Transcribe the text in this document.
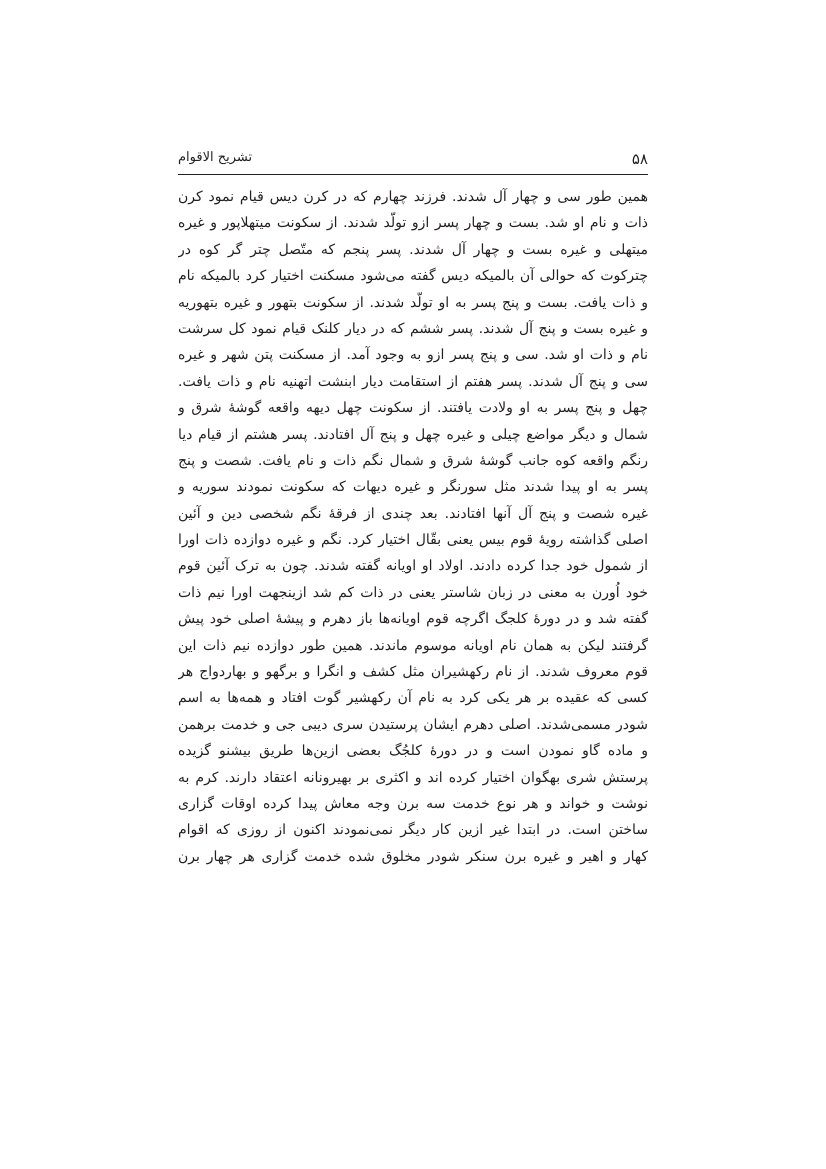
۵۸
تشریح الاقوام
همین طور سی و چهار آل شدند. فرزند چهارم که در کرن دیس قیام نمود کرن
ذات و نام او شد. بست و چهار پسر ازو تولّد شدند. از سکونت میتهلاپور و غیره
میتهلی و غیره بست و چهار آل شدند. پسر پنجم که متّصل چتر گر کوه در
چترکوت که حوالی آن بالمیکه دیس گفته می‌شود مسکنت اختیار کرد بالمیکه نام
و ذات یافت. بست و پنج پسر به او تولّد شدند. از سکونت بتهور و غیره بتهوریه
و غیره بست و پنج آل شدند. پسر ششم که در دیار کلنک قیام نمود کل سرشت
نام و ذات او شد. سی و پنج پسر ازو به وجود آمد. از مسکنت پتن شهر و غیره
سی و پنج آل شدند. پسر هفتم از استقامت دیار ابنشت اتهنیه نام و ذات یافت.
چهل و پنج پسر به او ولادت یافتند. از سکونت چهل دیهه واقعه گوشهٔ شرق و
شمال و دیگر مواضع چیلی و غیره چهل و پنج آل افتادند. پسر هشتم از قیام دیا
رنگم واقعه کوه جانب گوشهٔ شرق و شمال نگم ذات و نام یافت. شصت و پنج
پسر به او پیدا شدند مثل سورنگر و غیره دیهات که سکونت نمودند سوریه و
غیره شصت و پنج آل آنها افتادند. بعد چندی از فرقهٔ نگم شخصی دین و آئین
اصلی گذاشته رویهٔ قوم بیس یعنی بقّال اختیار کرد. نگم و غیره دوازده ذات اورا
از شمول خود جدا کرده دادند. اولاد او اویانه گفته شدند. چون به ترک آئین قوم
خود اُورن به معنی در زبان شاستر یعنی در ذات کم شد ازینجهت اورا نیم ذات
گفته شد و در دورهٔ کلجگ اگرچه قوم اویانه‌ها باز دهرم و پیشهٔ اصلی خود پیش
گرفتند لیکن به همان نام اویانه موسوم ماندند. همین طور دوازده نیم ذات این
قوم معروف شدند. از نام رکهشیران مثل کشف و انگرا و برگهو و بهاردواج هر
کسی که عقیده بر هر یکی کرد به نام آن رکهشیر گوت افتاد و همه‌ها به اسم
شودر مسمی‌شدند. اصلی دهرم ایشان پرستیدن سری دیبی جی و خدمت برهمن
و ماده گاو نمودن است و در دورهٔ کلجُگ بعضی ازین‌ها طریق بیشنو گزیده
پرستش شری بهگوان اختیار کرده اند و اکثری بر بهیرونانه اعتقاد دارند. کرم به
نوشت و خواند و هر نوع خدمت سه برن وجه معاش پیدا کرده اوقات گزاری
ساختن است. در ابتدا غیر ازین کار دیگر نمی‌نمودند اکنون از روزی که اقوام
کهار و اهیر و غیره برن سنکر شودر مخلوق شده خدمت گزاری هر چهار برن
